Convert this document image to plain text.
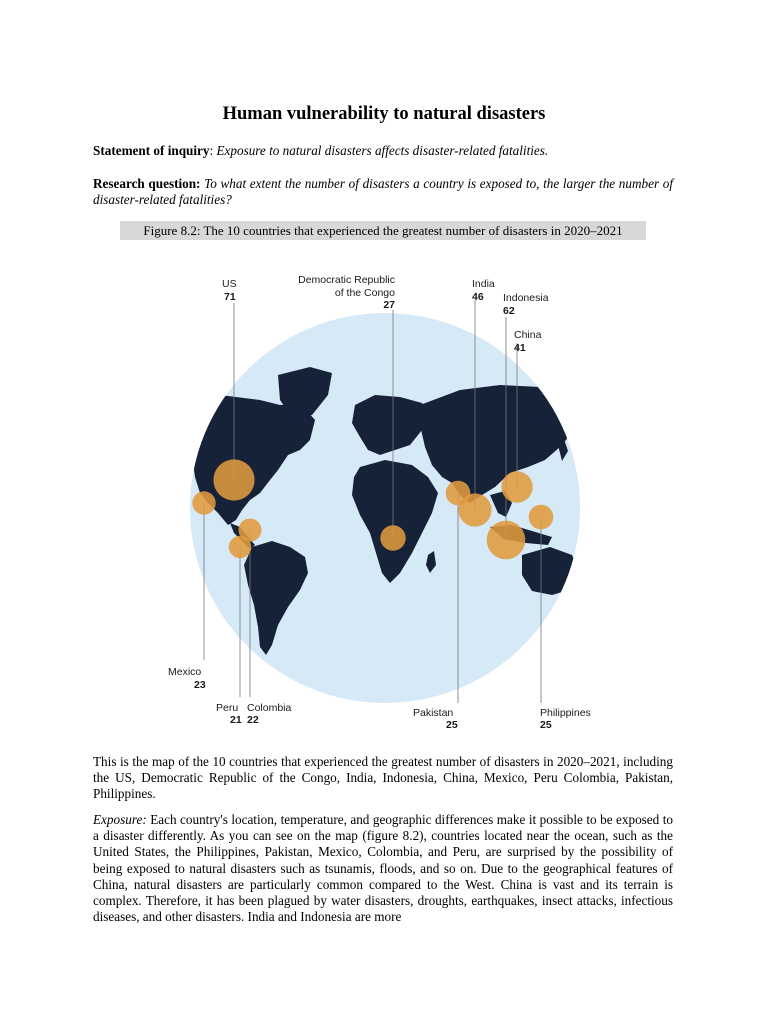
Human vulnerability to natural disasters
Statement of inquiry: Exposure to natural disasters affects disaster-related fatalities.
Research question: To what extent the number of disasters a country is exposed to, the larger the number of disaster-related fatalities?
Figure 8.2: The 10 countries that experienced the greatest number of disasters in 2020–2021
US
71
Democratic Republic
of the Congo
27
India
46 Indonesia
62
China
41
Mexico
23
Peru
21
Colombia
22
Pakistan
25
Philippines
25
This is the map of the 10 countries that experienced the greatest number of disasters in 2020–2021, including the US, Democratic Republic of the Congo, India, Indonesia, China, Mexico, Peru Colombia, Pakistan, Philippines.
Exposure: Each country's location, temperature, and geographic differences make it possible to be exposed to a disaster differently. As you can see on the map (figure 8.2), countries located near the ocean, such as the United States, the Philippines, Pakistan, Mexico, Colombia, and Peru, are surprised by the possibility of being exposed to natural disasters such as tsunamis, floods, and so on. Due to the geographical features of China, natural disasters are particularly common compared to the West. China is vast and its terrain is complex. Therefore, it has been plagued by water disasters, droughts, earthquakes, insect attacks, infectious diseases, and other disasters. India and Indonesia are more
